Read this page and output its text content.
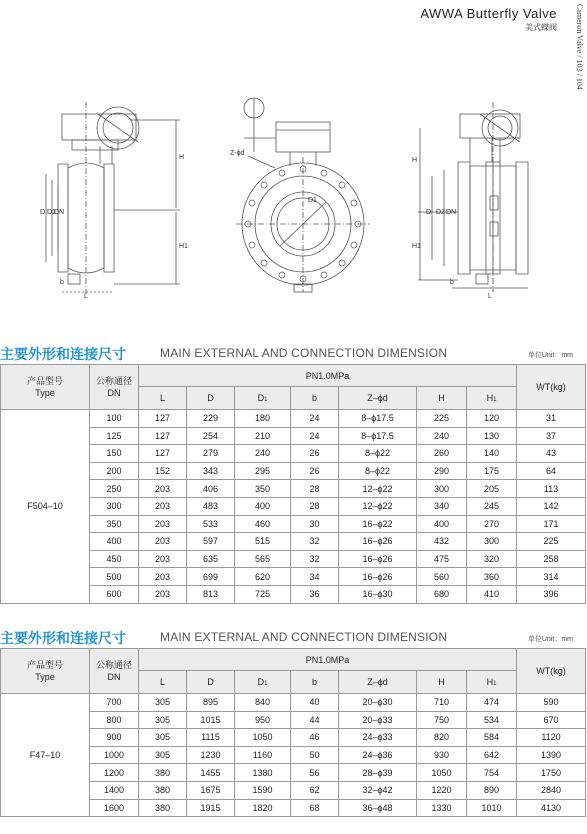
AWWA Butterfly Valve
美式蝶阀	Cameron Valve / 103 / 104
H
H1
D D1
DN
L
b
Z-ϕd
D1
H
H1
D2 DN
D
L
b
主要外形和连接尺寸	MAIN EXTERNAL AND CONNECTION DIMENSION	单位Unit：mm
产品型号
Type	公称通径
DN	PN1.0MPa							WT(kg)
		L	D	D1	b	Z–ϕd	H	H1	
F504–10	100	127	229	180	24	8–ϕ17.5	225	120	31
	125	127	254	210	24	8–ϕ17.5	240	130	37
	150	127	279	240	26	8–ϕ22	260	140	43
	200	152	343	295	26	8–ϕ22	290	175	64
	250	203	406	350	28	12–ϕ22	300	205	113
	300	203	483	400	28	12–ϕ22	340	245	142
	350	203	533	460	30	16–ϕ22	400	270	171
	400	203	597	515	32	16–ϕ26	432	300	225
	450	203	635	565	32	16–ϕ26	475	320	258
	500	203	699	620	34	16–ϕ26	560	360	314
	600	203	813	725	36	16–ϕ30	680	410	396
主要外形和连接尺寸	MAIN EXTERNAL AND CONNECTION DIMENSION	单位Unit：mm
产品型号
Type	公称通径
DN	PN1.0MPa							WT(kg)
		L	D	D1	b	Z–ϕd	H	H1	
F47–10	700	305	895	840	40	20–ϕ30	710	474	590
	800	305	1015	950	44	20–ϕ33	750	534	670
	900	305	1115	1050	46	24–ϕ33	820	584	1120
	1000	305	1230	1160	50	24–ϕ36	930	642	1390
	1200	380	1455	1380	56	28–ϕ39	1050	754	1750
	1400	380	1675	1590	62	32–ϕ42	1220	890	2840
	1600	380	1915	1820	68	36–ϕ48	1330	1010	4130
